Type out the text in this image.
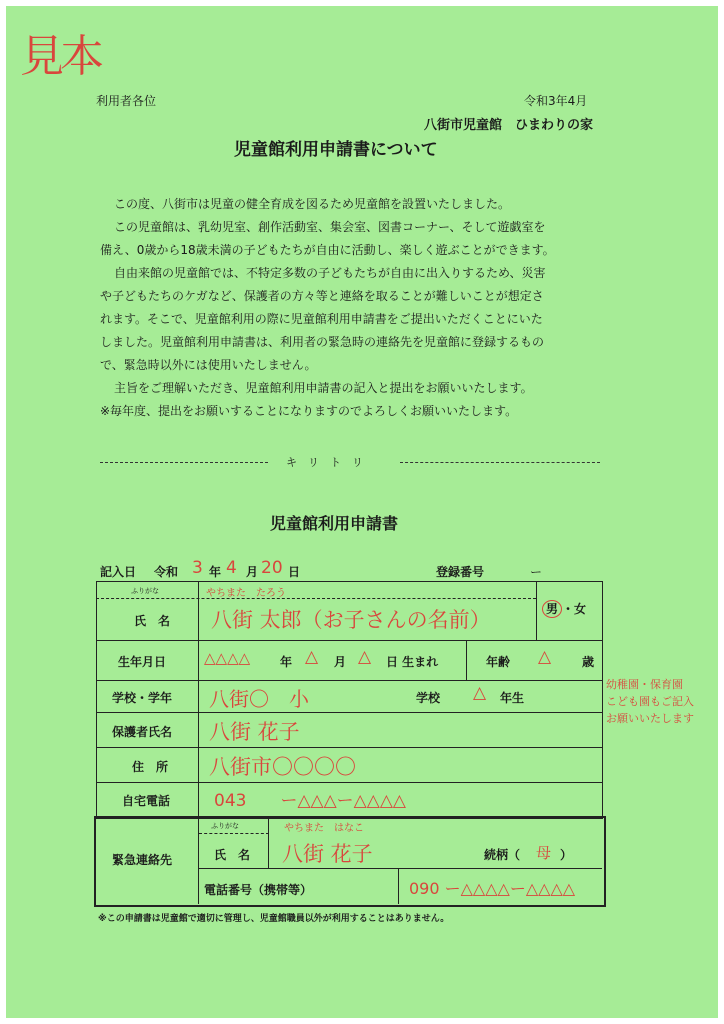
見本
利用者各位	令和3年4月
八街市児童館　ひまわりの家
児童館利用申請書について

この度、八街市は児童の健全育成を図るため児童館を設置いたしました。

この児童館は、乳幼児室、創作活動室、集会室、図書コーナー、そして遊戯室を

備え、0歳から18歳未満の子どもたちが自由に活動し、楽しく遊ぶことができます。

自由来館の児童館では、不特定多数の子どもたちが自由に出入りするため、災害

や子どもたちのケガなど、保護者の方々等と連絡を取ることが難しいことが想定さ

れます。そこで、児童館利用の際に児童館利用申請書をご提出いただくことにいた

しました。児童館利用申請書は、利用者の緊急時の連絡先を児童館に登録するもの

で、緊急時以外には使用いたしません。

主旨をご理解いただき、児童館利用申請書の記入と提出をお願いいたします。

※毎年度、提出をお願いすることになりますのでよろしくお願いいたします。

キ　リ　ト　リ
児童館利用申請書
記入日 令和 3 年 4 月 20 日	登録番号	ー
ふりがな	やちまた　たろう
氏　名 八街 太郎（お子さんの名前）	男 ・女
生年月日	△△△△ 年 △ 月 △ 日 生まれ	年齢 △	歳
学校・学年 八街〇　小	学校 △ 年生
保護者氏名 八街 花子
住　所 八街市〇〇〇〇
自宅電話	043　　ー△△△ー△△△△
緊急連絡先
ふりがな	やちまた　はなこ
氏　名 八街 花子	続柄（ 母 ）
電話番号（携帯等）	090 ー△△△△ー△△△△
※この申請書は児童館で適切に管理し、児童館職員以外が利用することはありません。
幼稚園・保育園
こども園もご記入
お願いいたします
